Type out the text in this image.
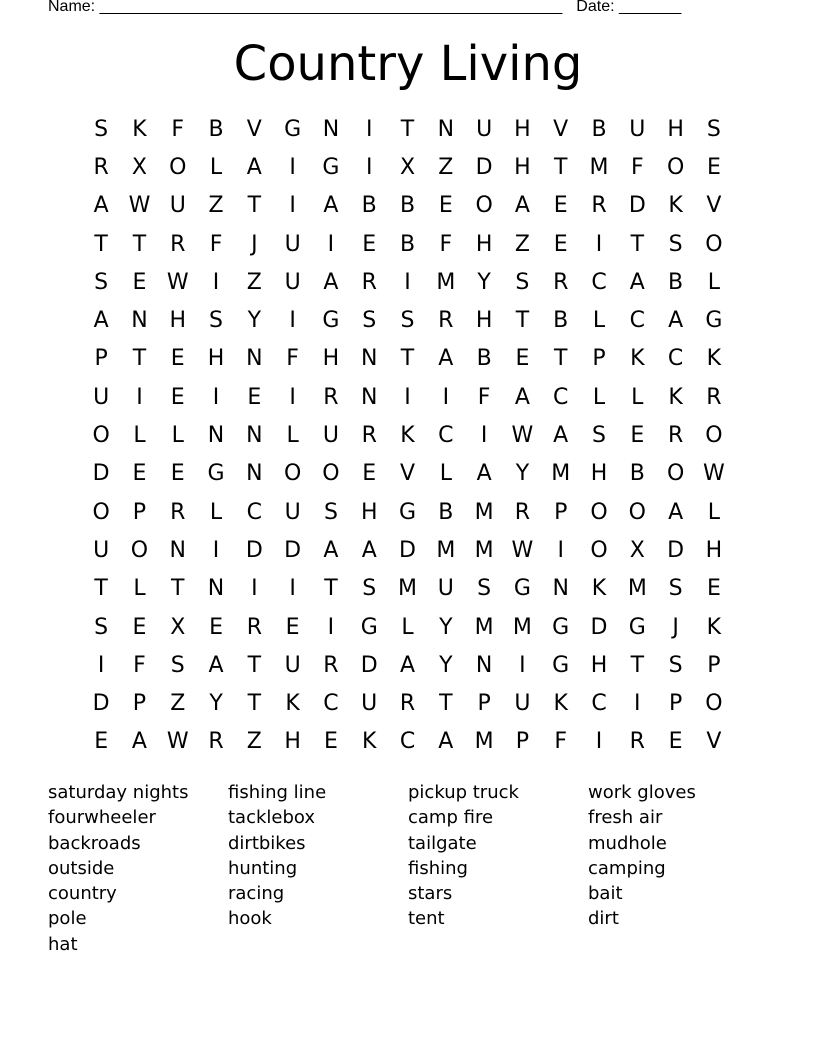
Name: ____________________________________________________ Date: _______
Country Living
S	K	F	B	V	G N	I	T	N	U H	V	B	U H	S
R	X	O	L	A	I	G	I	X	Z	D H	T	M	F	O	E
A W U	Z	T	I	A	B	B	E	O	A	E	R	D	K	V
T	T	R	F	J	U	I	E	B	F	H	Z	E	I	T	S	O
S	E W	I	Z	U	A	R	I	M	Y	S	R	C	A	B	L
A	N H	S	Y	I	G	S	S	R	H	T	B	L	C	A	G
P	T	E	H N	F	H N	T	A	B	E	T	P	K	C	K
U	I	E	I	E	I	R	N	I	I	F	A	C	L	L	K	R
O	L	L	N N	L	U	R	K	C	I	W A	S	E	R O
D	E	E	G N O O	E	V	L	A	Y	M H	B	O W
O	P	R	L	C	U	S	H G	B M R	P	O O	A	L
U O N	I	D D	A	A	D M M W	I	O	X	D H
T	L	T	N	I	I	T	S M U	S	G N	K M S	E
S	E	X	E	R	E	I	G	L	Y	M M G D G	J	K
I	F	S	A	T	U	R	D	A	Y	N	I	G H	T	S	P
D	P	Z	Y	T	K	C	U	R	T	P	U	K	C	I	P	O
E	A W R	Z	H	E	K	C	A M	P	F	I	R	E	V
saturday nights
fourwheeler
backroads
outside
country
pole
hat
fishing line
tacklebox
dirtbikes
hunting
racing
hook
pickup truck
camp fire
tailgate
fishing
stars
tent
work gloves
fresh air
mudhole
camping
bait
dirt
